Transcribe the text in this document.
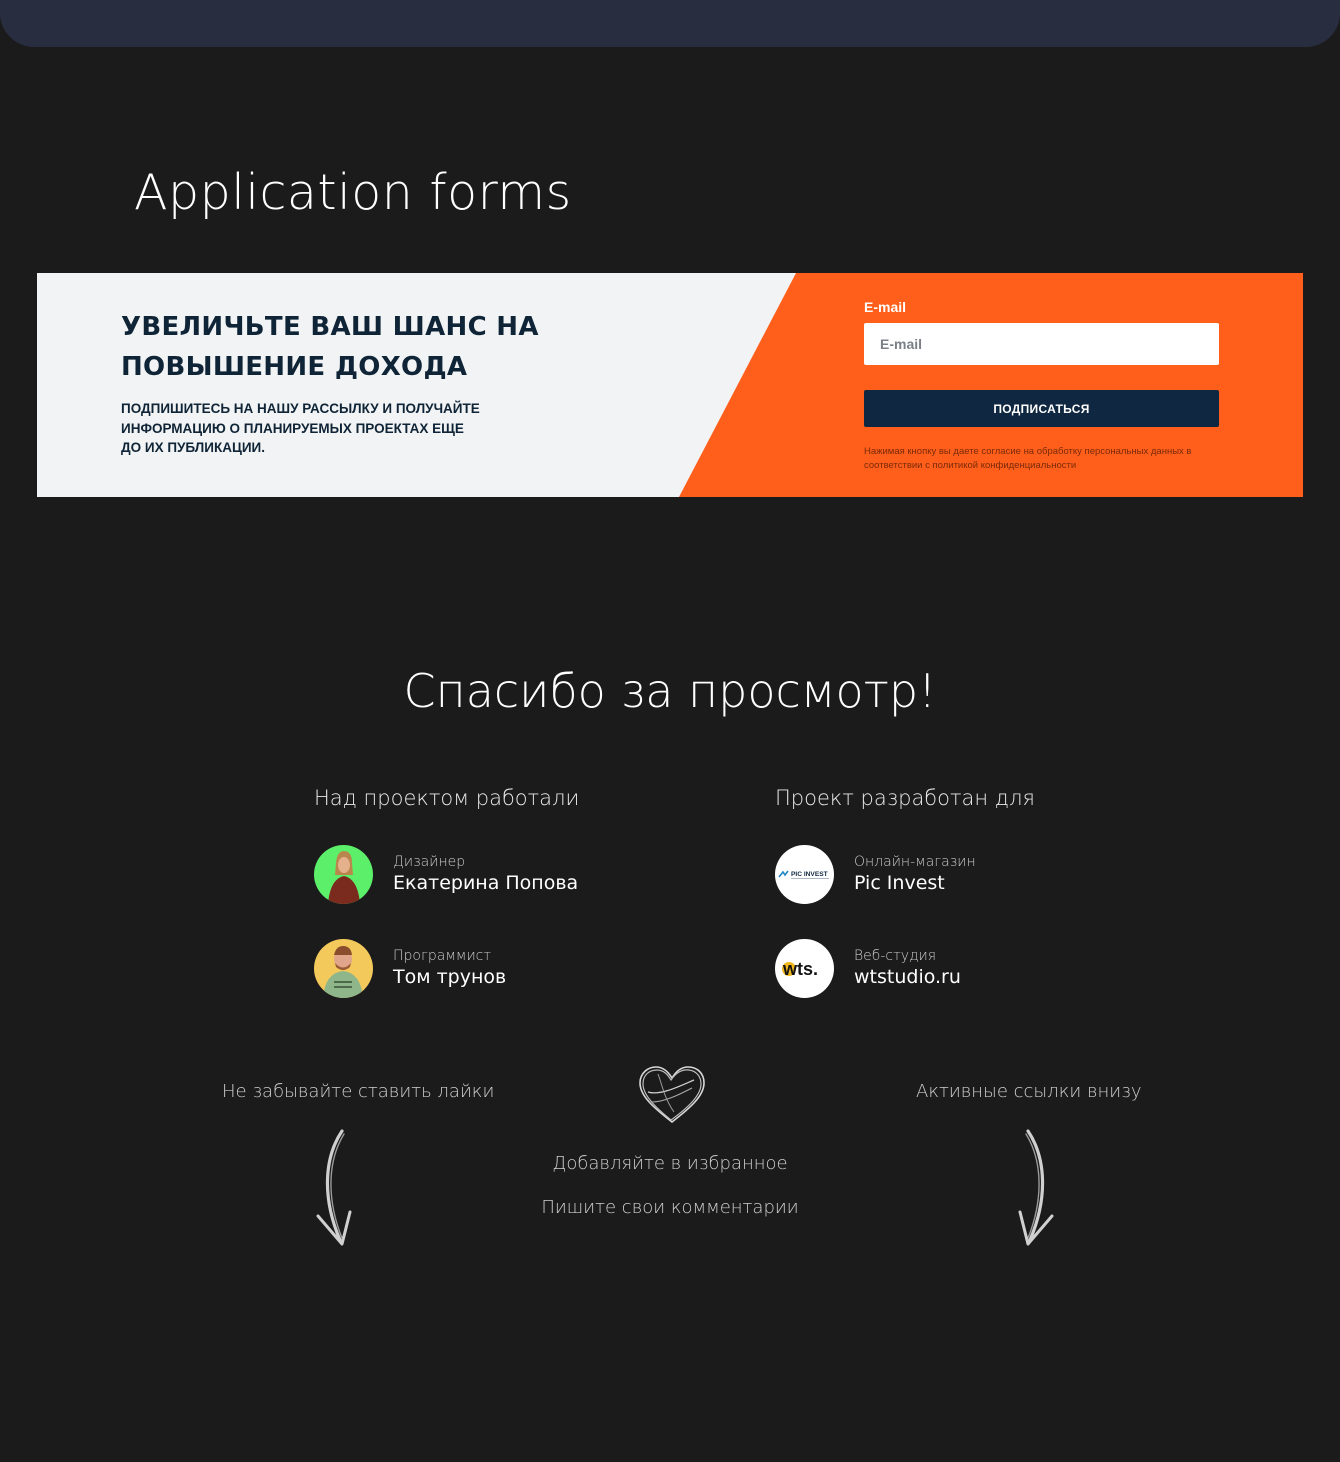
Application forms
УВЕЛИЧЬТЕ ВАШ ШАНС НА ПОВЫШЕНИЕ ДОХОДА
ПОДПИШИТЕСЬ НА НАШУ РАССЫЛКУ И ПОЛУЧАЙТЕ ИНФОРМАЦИЮ О ПЛАНИРУЕМЫХ ПРОЕКТАХ ЕЩЕ ДО ИХ ПУБЛИКАЦИИ.
E-mail
E-mail
ПОДПИСАТЬСЯ
Нажимая кнопку вы даете согласие на обработку персональных данных в соответствии с политикой конфиденциальности
Спасибо за просмотр!
Над проектом работали	Проект разработан для
Дизайнер
Екатерина Попова
Программист
Том трунов
PIC INVEST
Онлайн-магазин
Pic Invest
wts.
Веб-студия
wtstudio.ru
Не забывайте ставить лайки	Активные ссылки внизу
Добавляйте в избранное
Пишите свои комментарии
